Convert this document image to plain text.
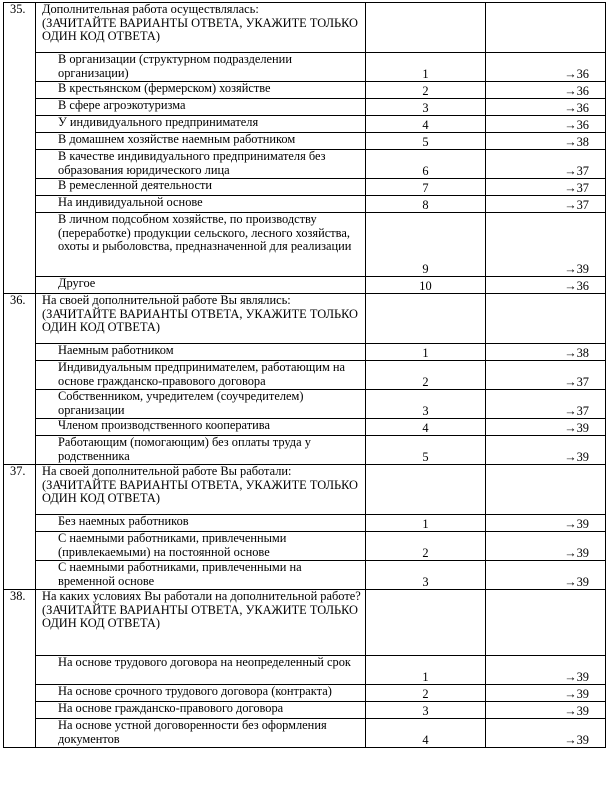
35.	Дополнительная работа осуществлялась:
(ЗАЧИТАЙТЕ ВАРИАНТЫ ОТВЕТА, УКАЖИТЕ ТОЛЬКО ОДИН КОД ОТВЕТА)		

	В организации (структурном подразделении организации)	1	→36

	В крестьянском (фермерском) хозяйстве	2	→36

	В сфере агроэкотуризма	3	→36

	У индивидуального предпринимателя	4	→36

	В домашнем хозяйстве наемным работником	5	→38

	В качестве индивидуального предпринимателя без образования юридического лица	6	→37

	В ремесленной деятельности	7	→37

	На индивидуальной основе	8	→37

	В личном подсобном хозяйстве, по производству (переработке) продукции сельского, лесного хозяйства, охоты и рыболовства, предназначенной для реализации	9	→39

	Другое	10	→36
36.	На своей дополнительной работе Вы являлись:
(ЗАЧИТАЙТЕ ВАРИАНТЫ ОТВЕТА, УКАЖИТЕ ТОЛЬКО ОДИН КОД ОТВЕТА)		

	Наемным работником	1	→38

	Индивидуальным предпринимателем, работающим на основе гражданско-правового договора	2	→37

	Собственником, учредителем (соучредителем) организации	3	→37

	Членом производственного кооператива	4	→39

	Работающим (помогающим) без оплаты труда у родственника	5	→39
37.	На своей дополнительной работе Вы работали:
(ЗАЧИТАЙТЕ ВАРИАНТЫ ОТВЕТА, УКАЖИТЕ ТОЛЬКО ОДИН КОД ОТВЕТА)		

	Без наемных работников	1	→39

	С наемными работниками, привлеченными (привлекаемыми) на постоянной основе	2	→39

	С наемными работниками, привлеченными на временной основе	3	→39
38.	На каких условиях Вы работали на дополнительной работе?
(ЗАЧИТАЙТЕ ВАРИАНТЫ ОТВЕТА, УКАЖИТЕ ТОЛЬКО ОДИН КОД ОТВЕТА)		

	На основе трудового договора на неопределенный срок	1	→39

	На основе срочного трудового договора (контракта)	2	→39

	На основе гражданско-правового договора	3	→39

	На основе устной договоренности без оформления документов	4	→39
